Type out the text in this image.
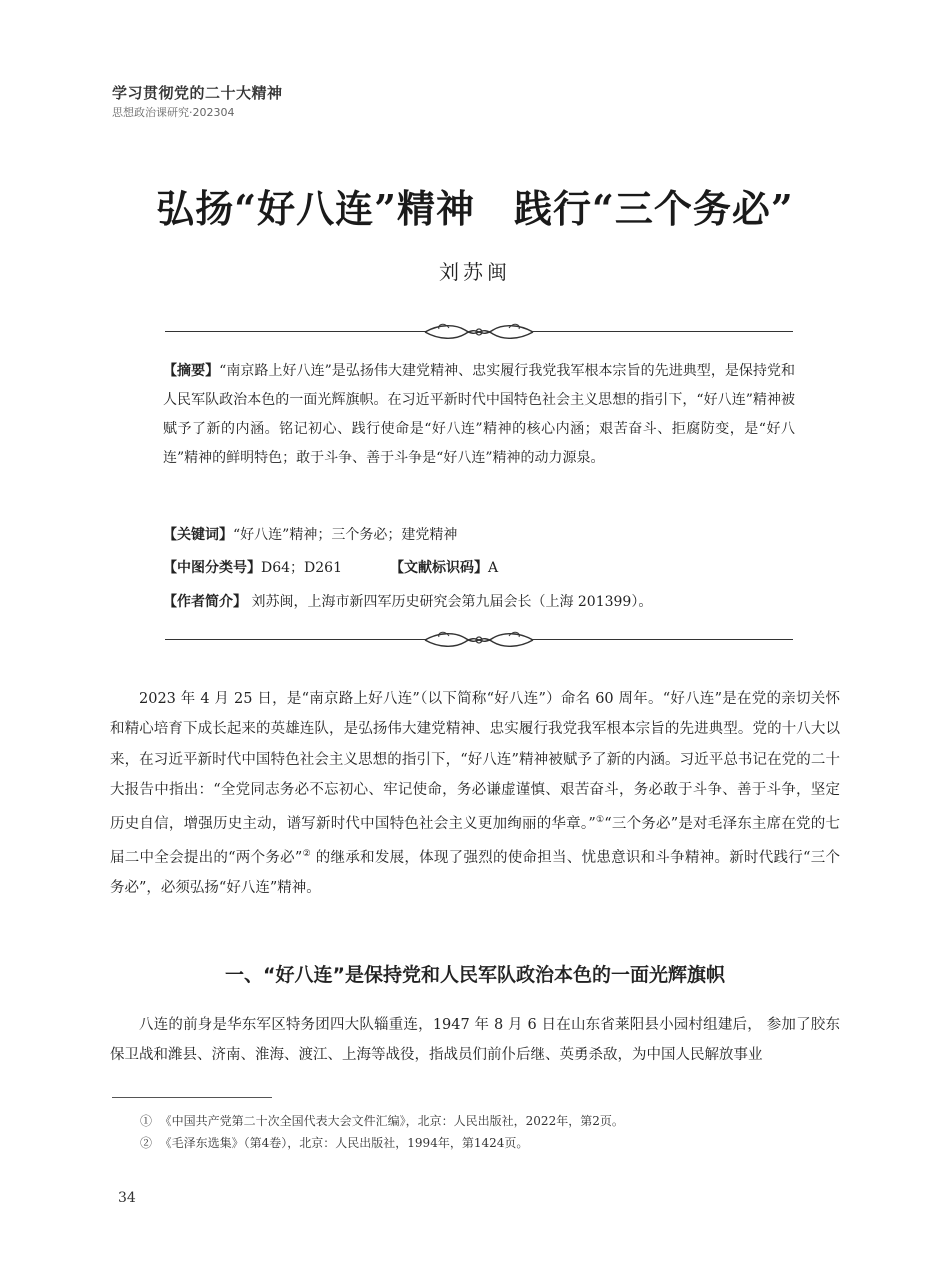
学习贯彻党的二十大精神
思想政治课研究·202304
弘扬“好八连”精神　践行“三个务必”
刘苏闽

【摘要】“南京路上好八连”是弘扬伟大建党精神、忠实履行我党我军根本宗旨的先进典型，是保持党和人民军队政治本色的一面光辉旗帜。在习近平新时代中国特色社会主义思想的指引下，“好八连”精神被赋予了新的内涵。铭记初心、践行使命是“好八连”精神的核心内涵；艰苦奋斗、拒腐防变，是“好八连”精神的鲜明特色；敢于斗争、善于斗争是“好八连”精神的动力源泉。

【关键词】“好八连”精神；三个务必；建党精神
【中图分类号】D64；D261	【文献标识码】A
【作者简介】 刘苏闽，上海市新四军历史研究会第九届会长（上海 201399）。

2023 年 4 月 25 日，是“南京路上好八连”（以下简称“好八连”）命名 60 周年。“好八连”是在党的亲切关怀和精心培育下成长起来的英雄连队，是弘扬伟大建党精神、忠实履行我党我军根本宗旨的先进典型。党的十八大以来，在习近平新时代中国特色社会主义思想的指引下，“好八连”精神被赋予了新的内涵。习近平总书记在党的二十大报告中指出：“全党同志务必不忘初心、牢记使命，务必谦虚谨慎、艰苦奋斗，务必敢于斗争、善于斗争，坚定历史自信，增强历史主动，谱写新时代中国特色社会主义更加绚丽的华章。”①“三个务必”是对毛泽东主席在党的七届二中全会提出的“两个务必”② 的继承和发展，体现了强烈的使命担当、忧患意识和斗争精神。新时代践行“三个务必”，必须弘扬“好八连”精神。

一、“好八连”是保持党和人民军队政治本色的一面光辉旗帜

八连的前身是华东军区特务团四大队辎重连，1947 年 8 月 6 日在山东省莱阳县小园村组建后， 参加了胶东保卫战和潍县、济南、淮海、渡江、上海等战役，指战员们前仆后继、英勇杀敌，为中国人民解放事业

① 《中国共产党第二十次全国代表大会文件汇编》，北京：人民出版社，2022年，第2页。
② 《毛泽东选集》（第4卷），北京：人民出版社，1994年，第1424页。
34
